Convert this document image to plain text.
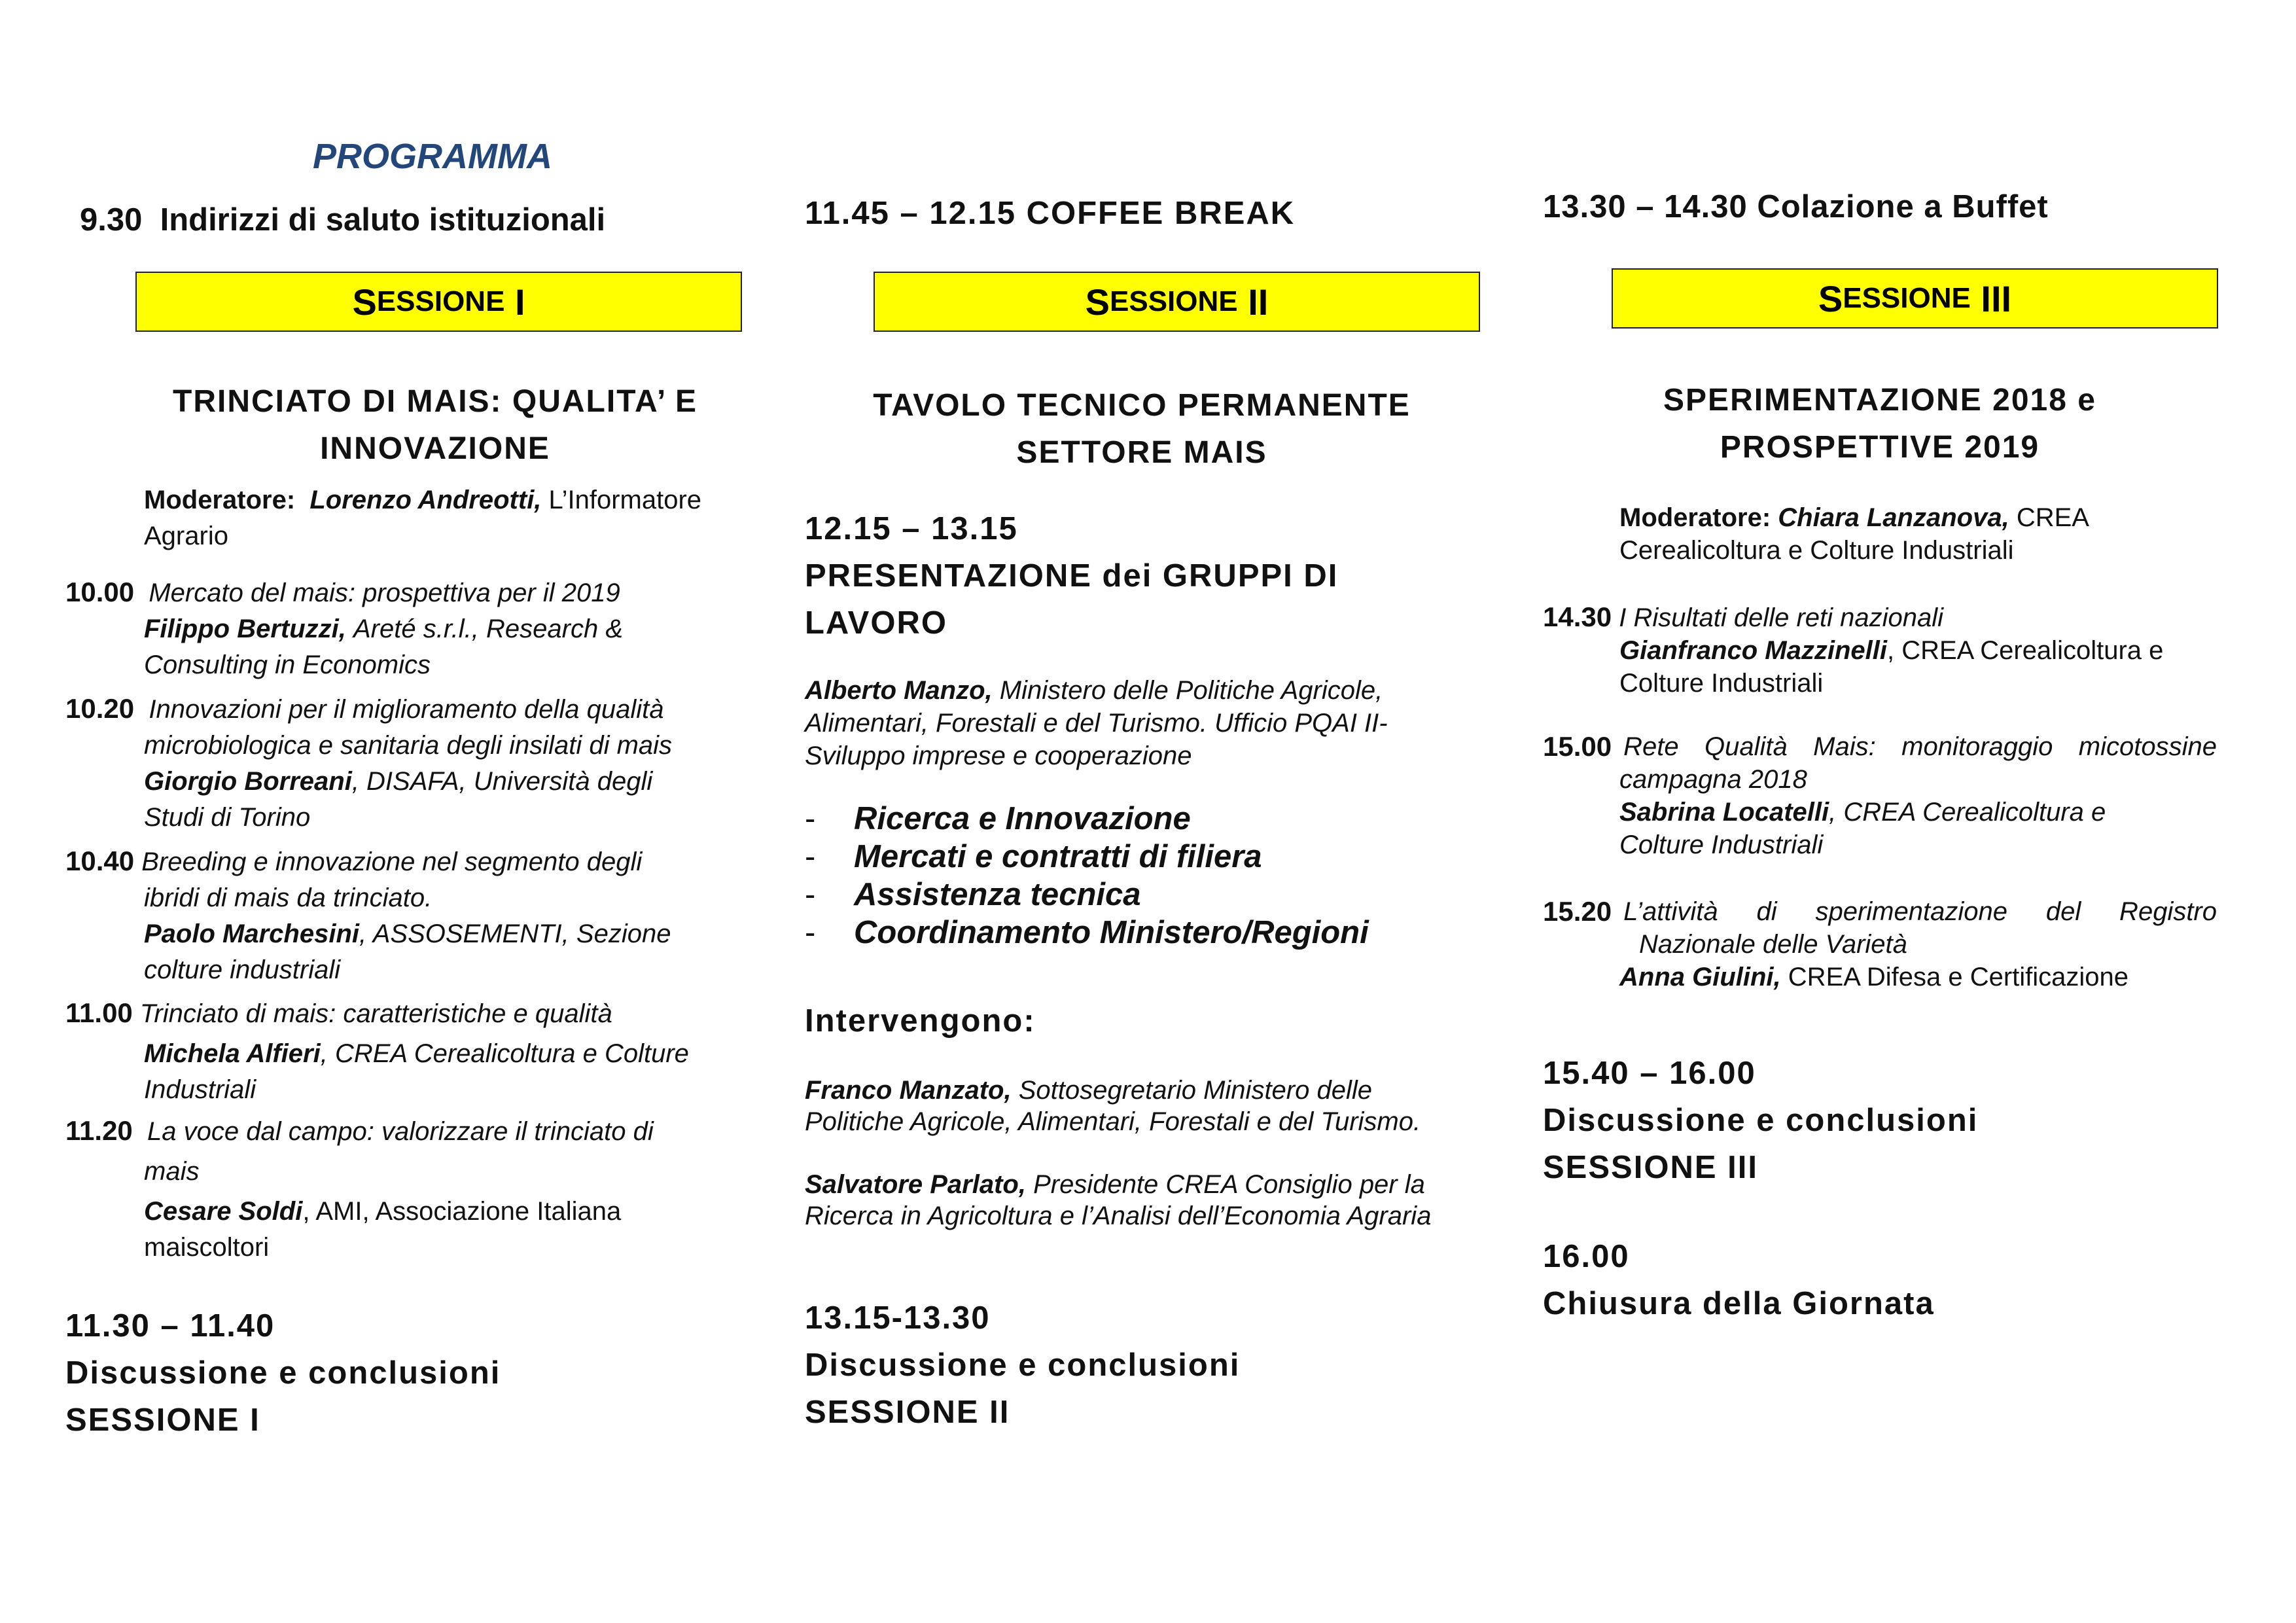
PROGRAMMA
9.30  Indirizzi di saluto istituzionali
S ESSIONE
I
TRINCIATO DI MAIS: QUALITA’ E
INNOVAZIONE
Moderatore: Lorenzo Andreotti, L’Informatore
Agrario
10.00 Mercato del mais: prospettiva per il 2019
Filippo Bertuzzi, Areté s.r.l., Research &
Consulting in Economics
10.20 Innovazioni per il miglioramento della qualità
microbiologica e sanitaria degli insilati di mais
Giorgio Borreani, DISAFA, Università degli
Studi di Torino
10.40 Breeding e innovazione nel segmento degli
ibridi di mais da trinciato.
Paolo Marchesini, ASSOSEMENTI, Sezione
colture industriali
11.00 Trinciato di mais: caratteristiche e qualità
Michela Alfieri, CREA Cerealicoltura e Colture
Industriali
11.20 La voce dal campo: valorizzare il trinciato di
mais
Cesare Soldi, AMI, Associazione Italiana
maiscoltori
11.30 – 11.40
Discussione e conclusioni
SESSIONE I
11.45 – 12.15 COFFEE BREAK
S ESSIONE
II
TAVOLO TECNICO PERMANENTE
SETTORE MAIS
12.15 – 13.15
PRESENTAZIONE dei GRUPPI DI
LAVORO
Alberto Manzo, Ministero delle Politiche Agricole,
Alimentari, Forestali e del Turismo. Ufficio PQAI II-
Sviluppo imprese e cooperazione
- Ricerca e Innovazione
- Mercati e contratti di filiera
- Assistenza tecnica
- Coordinamento Ministero/Regioni
Intervengono:
Franco Manzato, Sottosegretario Ministero delle
Politiche Agricole, Alimentari, Forestali e del Turismo.
Salvatore Parlato, Presidente CREA Consiglio per la
Ricerca in Agricoltura e l’Analisi dell’Economia Agraria
13.15-13.30
Discussione e conclusioni
SESSIONE II
13.30 – 14.30 Colazione a Buffet
S ESSIONE
III
SPERIMENTAZIONE 2018 e
PROSPETTIVE 2019
Moderatore: Chiara Lanzanova, CREA
Cerealicoltura e Colture Industriali
14.30 I Risultati delle reti nazionali
Gianfranco Mazzinelli, CREA Cerealicoltura e
Colture Industriali
15.00 Rete Qualità Mais: monitoraggio micotossine
campagna 2018
Sabrina Locatelli, CREA Cerealicoltura e
Colture Industriali
15.20 L’attività di sperimentazione del Registro
Nazionale delle Varietà
Anna Giulini, CREA Difesa e Certificazione
15.40 – 16.00
Discussione e conclusioni
SESSIONE III
16.00
Chiusura della Giornata
